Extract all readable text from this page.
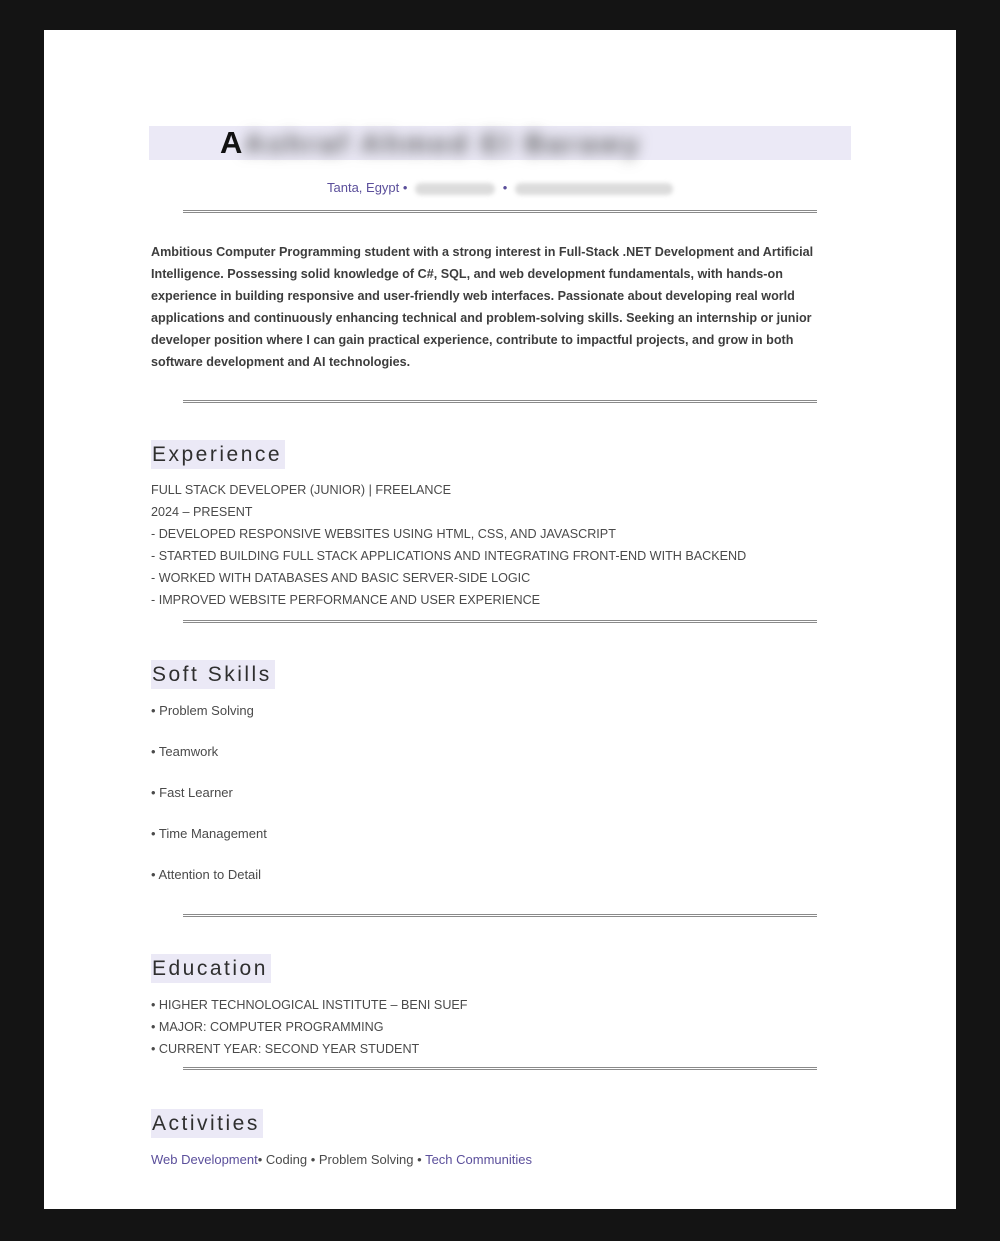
A Ashraf Ahmed El Barawy
Tanta, Egypt •	•

Ambitious Computer Programming student with a strong interest in Full-Stack .NET Development and Artificial Intelligence. Possessing solid knowledge of C#, SQL, and web development fundamentals, with hands-on experience in building responsive and user-friendly web interfaces. Passionate about developing real world applications and continuously enhancing technical and problem-solving skills. Seeking an internship or junior developer position where I can gain practical experience, contribute to impactful projects, and grow in both software development and AI technologies.

Experience
FULL STACK DEVELOPER (JUNIOR) | FREELANCE
2024 – PRESENT
- DEVELOPED RESPONSIVE WEBSITES USING HTML, CSS, AND JAVASCRIPT
- STARTED BUILDING FULL STACK APPLICATIONS AND INTEGRATING FRONT-END WITH BACKEND
- WORKED WITH DATABASES AND BASIC SERVER-SIDE LOGIC
- IMPROVED WEBSITE PERFORMANCE AND USER EXPERIENCE
Soft Skills
• Problem Solving
• Teamwork
• Fast Learner
• Time Management
• Attention to Detail
Education
• HIGHER TECHNOLOGICAL INSTITUTE – BENI SUEF
• MAJOR: COMPUTER PROGRAMMING
• CURRENT YEAR: SECOND YEAR STUDENT
Activities
Web Development• Coding • Problem Solving • Tech Communities
